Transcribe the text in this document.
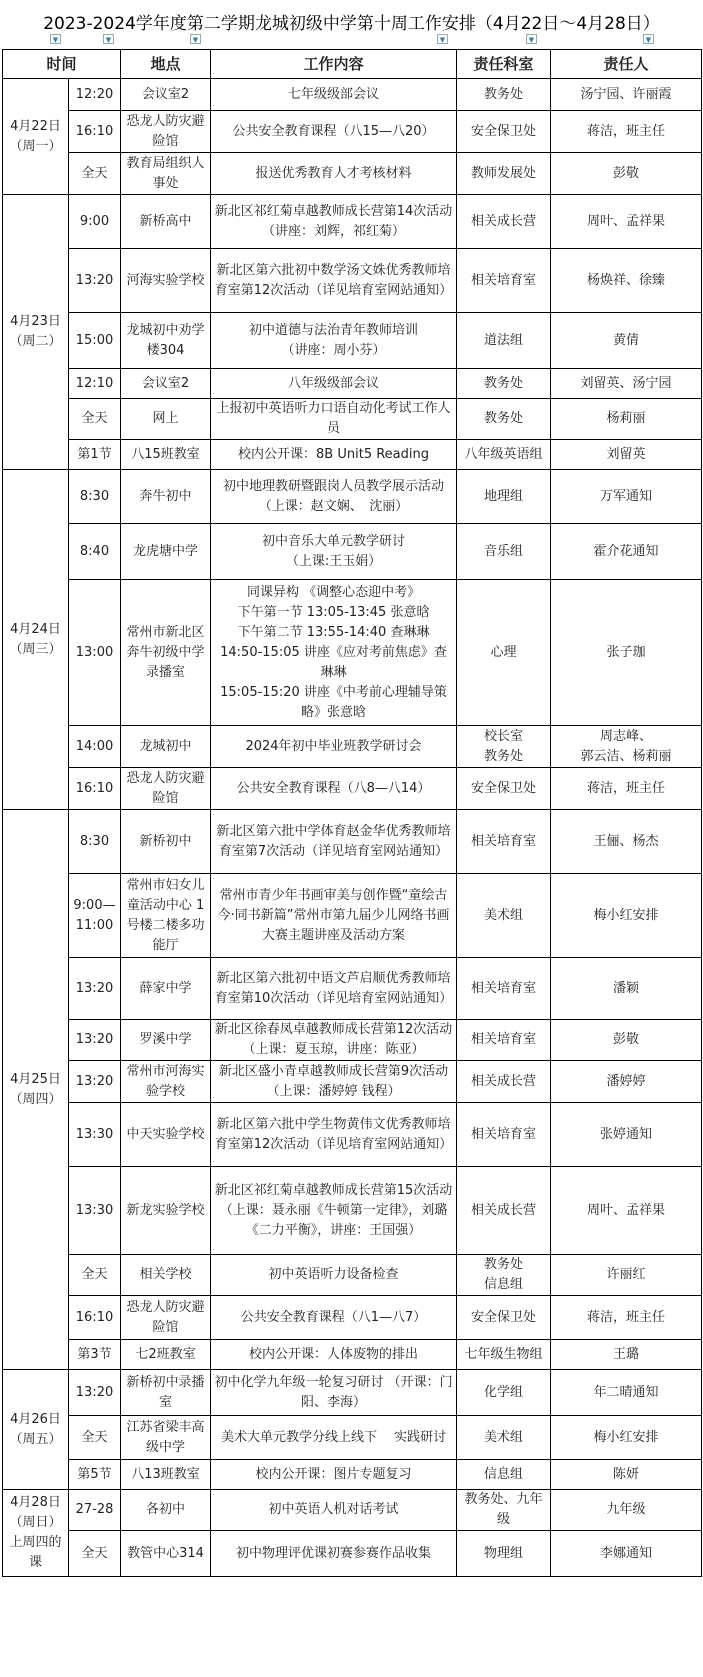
2023-2024学年度第二学期龙城初级中学第十周工作安排（4月22日～4月28日）
▼	▼	▼	▼	▼	▼
时间		地点	工作内容	责任科室	责任人
4月22日
（周一）	12:20	会议室2	七年级级部会议	教务处	汤宁园、许丽霞
	16:10	恐龙人防灾避险馆	公共安全教育课程（八15—八20）	安全保卫处	蒋洁，班主任
	全天	教育局组织人事处	报送优秀教育人才考核材料	教师发展处	彭敬
4月23日
（周二）	9:00	新桥高中	新北区祁红菊卓越教师成长营第14次活动（讲座：刘辉，祁红菊）	相关成长营	周叶、孟祥果
	13:20	河海实验学校	新北区第六批初中数学汤文姝优秀教师培育室第12次活动（详见培育室网站通知）	相关培育室	杨焕祥、徐臻
	15:00	龙城初中劝学楼304	初中道德与法治青年教师培训
（讲座：周小芬）	道法组	黄倩
	12:10	会议室2	八年级级部会议	教务处	刘留英、汤宁园
	全天	网上	上报初中英语听力口语自动化考试工作人员	教务处	杨莉丽
	第1节	八15班教室	校内公开课：8B Unit5 Reading	八年级英语组	刘留英
4月24日
（周三）	8:30	奔牛初中	初中地理教研暨跟岗人员教学展示活动（上课：赵文娴、　沈丽）	地理组	万军通知
	8:40	龙虎塘中学	初中音乐大单元教学研讨
（上课:王玉娟）	音乐组	霍介花通知
	13:00	常州市新北区奔牛初级中学录播室	同课异构 《调整心态迎中考》
下午第一节 13:05-13:45 张意晗
下午第二节 13:55-14:40 查琳琳
14:50-15:05 讲座《应对考前焦虑》查琳琳
15:05-15:20 讲座《中考前心理辅导策略》张意晗	心理	张子珈
	14:00	龙城初中	2024年初中毕业班教学研讨会	校长室
教务处	周志峰、
郭云洁、杨莉丽
	16:10	恐龙人防灾避险馆	公共安全教育课程（八8—八14）	安全保卫处	蒋洁，班主任
4月25日
（周四）	8:30	新桥初中	新北区第六批中学体育赵金华优秀教师培育室第7次活动（详见培育室网站通知）	相关培育室	王俪、杨杰
	9:00—
11:00	常州市妇女儿童活动中心 1 号楼二楼多功能厅	常州市青少年书画审美与创作暨“童绘古今·同书新篇”常州市第九届少儿网络书画大赛主题讲座及活动方案	美术组	梅小红安排
	13:20	薛家中学	新北区第六批初中语文芦启顺优秀教师培育室第10次活动（详见培育室网站通知）	相关培育室	潘颖
	13:20	罗溪中学	新北区徐春凤卓越教师成长营第12次活动（上课：夏玉琼，讲座：陈亚）	相关培育室	彭敬
	13:20	常州市河海实验学校	新北区盛小青卓越教师成长营第9次活动（上课：潘婷婷 钱程）	相关成长营	潘婷婷
	13:30	中天实验学校	新北区第六批中学生物黄伟文优秀教师培育室第12次活动（详见培育室网站通知）	相关培育室	张婷通知
	13:30	新龙实验学校	新北区祁红菊卓越教师成长营第15次活动（上课：聂永丽《牛顿第一定律》，刘璐《二力平衡》，讲座：王国强）	相关成长营	周叶、孟祥果
	全天	相关学校	初中英语听力设备检查	教务处
信息组	许丽红
	16:10	恐龙人防灾避险馆	公共安全教育课程（八1—八7）	安全保卫处	蒋洁，班主任
	第3节	七2班教室	校内公开课：人体废物的排出	七年级生物组	王璐
4月26日
（周五）	13:20	新桥初中录播室	初中化学九年级一轮复习研讨 （开课：门阳、李海）	化学组	年二晴通知
	全天	江苏省梁丰高级中学	美术大单元教学分线上线下　 实践研讨	美术组	梅小红安排
	第5节	八13班教室	校内公开课：图片专题复习	信息组	陈妍
4月28日
（周日）
上周四的课	27-28	各初中	初中英语人机对话考试	教务处、九年级	九年级
	全天	教管中心314	初中物理评优课初赛参赛作品收集	物理组	李娜通知
